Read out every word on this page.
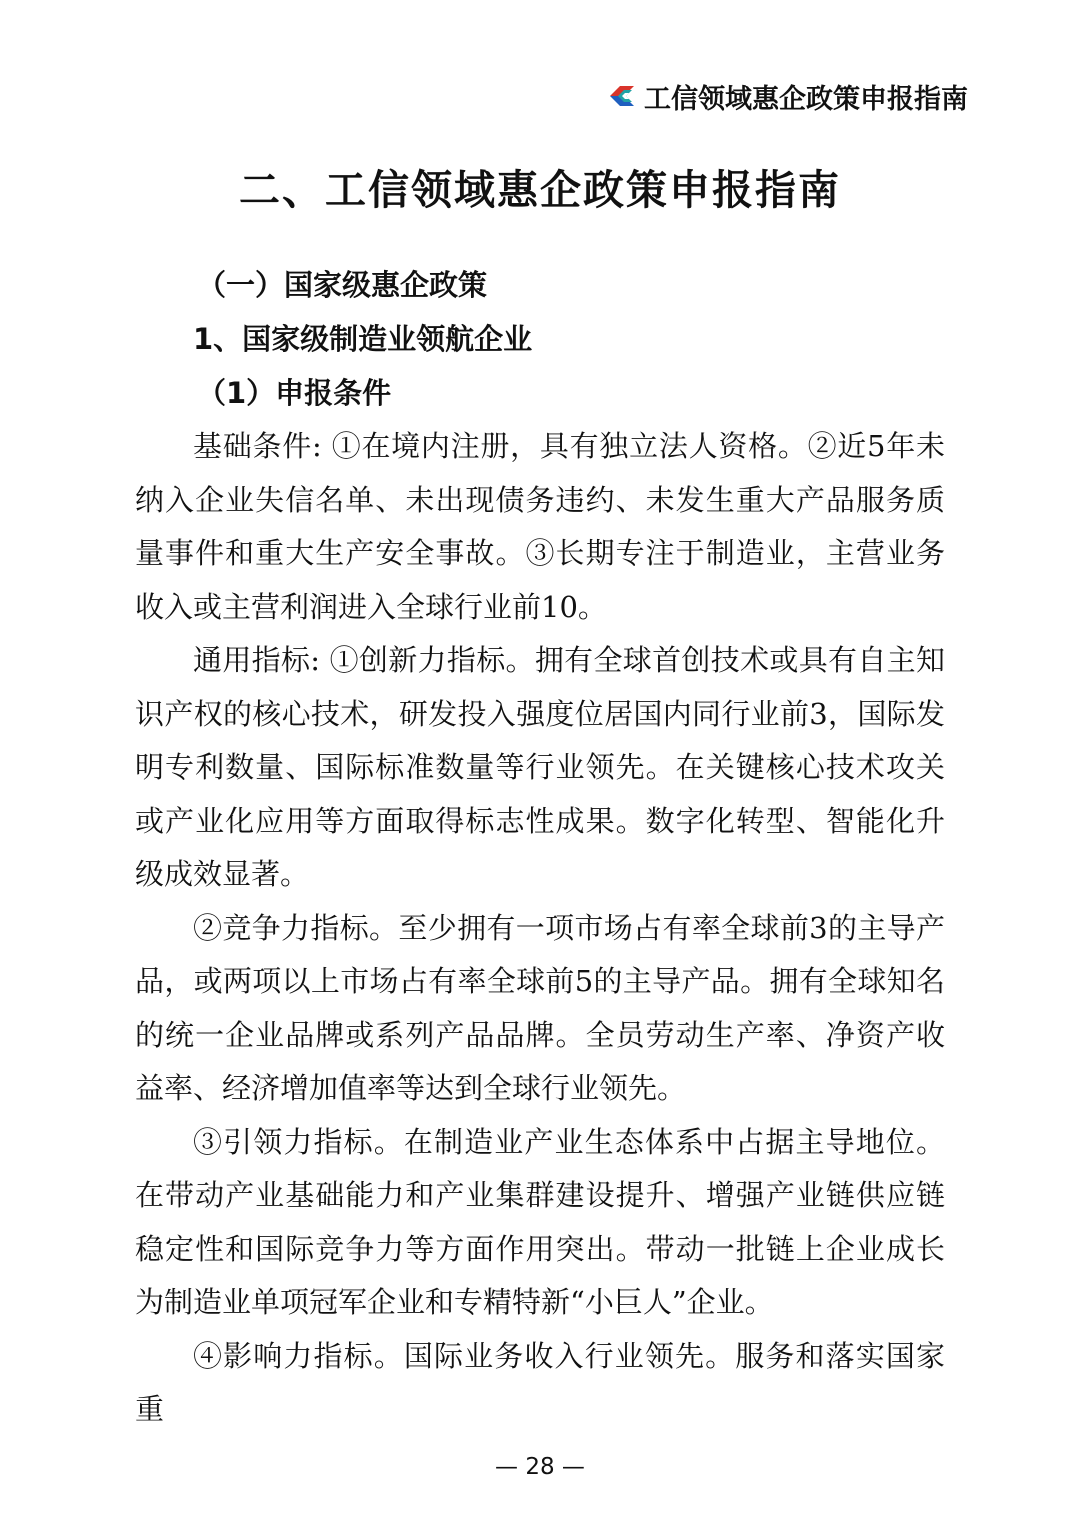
工信领域惠企政策申报指南
二、工信领域惠企政策申报指南
（一）国家级惠企政策
1、国家级制造业领航企业
（1）申报条件

基础条件: ①在境内注册，具有独立法人资格。②近5年未纳入企业失信名单、未出现债务违约、未发生重大产品服务质量事件和重大生产安全事故。③长期专注于制造业，主营业务收入或主营利润进入全球行业前10。

通用指标: ①创新力指标。拥有全球首创技术或具有自主知识产权的核心技术，研发投入强度位居国内同行业前3，国际发明专利数量、国际标准数量等行业领先。在关键核心技术攻关或产业化应用等方面取得标志性成果。数字化转型、智能化升级成效显著。

②竞争力指标。至少拥有一项市场占有率全球前3的主导产品，或两项以上市场占有率全球前5的主导产品。拥有全球知名的统一企业品牌或系列产品品牌。全员劳动生产率、净资产收益率、经济增加值率等达到全球行业领先。

③引领力指标。在制造业产业生态体系中占据主导地位。在带动产业基础能力和产业集群建设提升、增强产业链供应链稳定性和国际竞争力等方面作用突出。带动一批链上企业成长为制造业单项冠军企业和专精特新“小巨人”企业。

④影响力指标。国际业务收入行业领先。服务和落实国家重

— 28 —
